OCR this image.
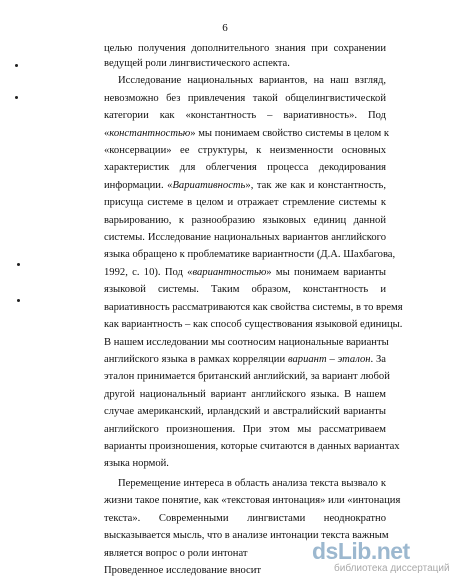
6
целью получения дополнительного знания при сохранении
ведущей роли лингвистического аспекта.
Исследование национальных вариантов, на наш взгляд,
невозможно без привлечения такой общелингвистической
категории как «константность – вариативность». Под
«константностью» мы понимаем свойство системы в целом к
«консервации» ее структуры, к неизменности основных
характеристик для облегчения процесса декодирования
информации. «Вариативность», так же как и константность,
присуща системе в целом и отражает стремление системы к
варьированию, к разнообразию языковых единиц данной
системы. Исследование национальных вариантов английского
языка обращено к проблематике вариантности (Д.А. Шахбагова,
1992, с. 10). Под «вариантностью» мы понимаем варианты
языковой системы. Таким образом, константность и
вариативность рассматриваются как свойства системы, в то время
как вариантность – как способ существования языковой единицы.
В нашем исследовании мы соотносим национальные варианты
английского языка в рамках корреляции вариант – эталон. За
эталон принимается британский английский, за вариант любой
другой национальный вариант английского языка. В нашем
случае американский, ирландский и австралийский варианты
английского произношения. При этом мы рассматриваем
варианты произношения, которые считаются в данных вариантах
языка нормой.
Перемещение интереса в область анализа текста вызвало к
жизни такое понятие, как «текстовая интонация» или «интонация
текста». Современными лингвистами неоднократно
высказывается мысль, что в анализе интонации текста важным
является вопрос о роли интонат
Проведенное исследование вносит
dsLib.net
библиотека диссертаций
